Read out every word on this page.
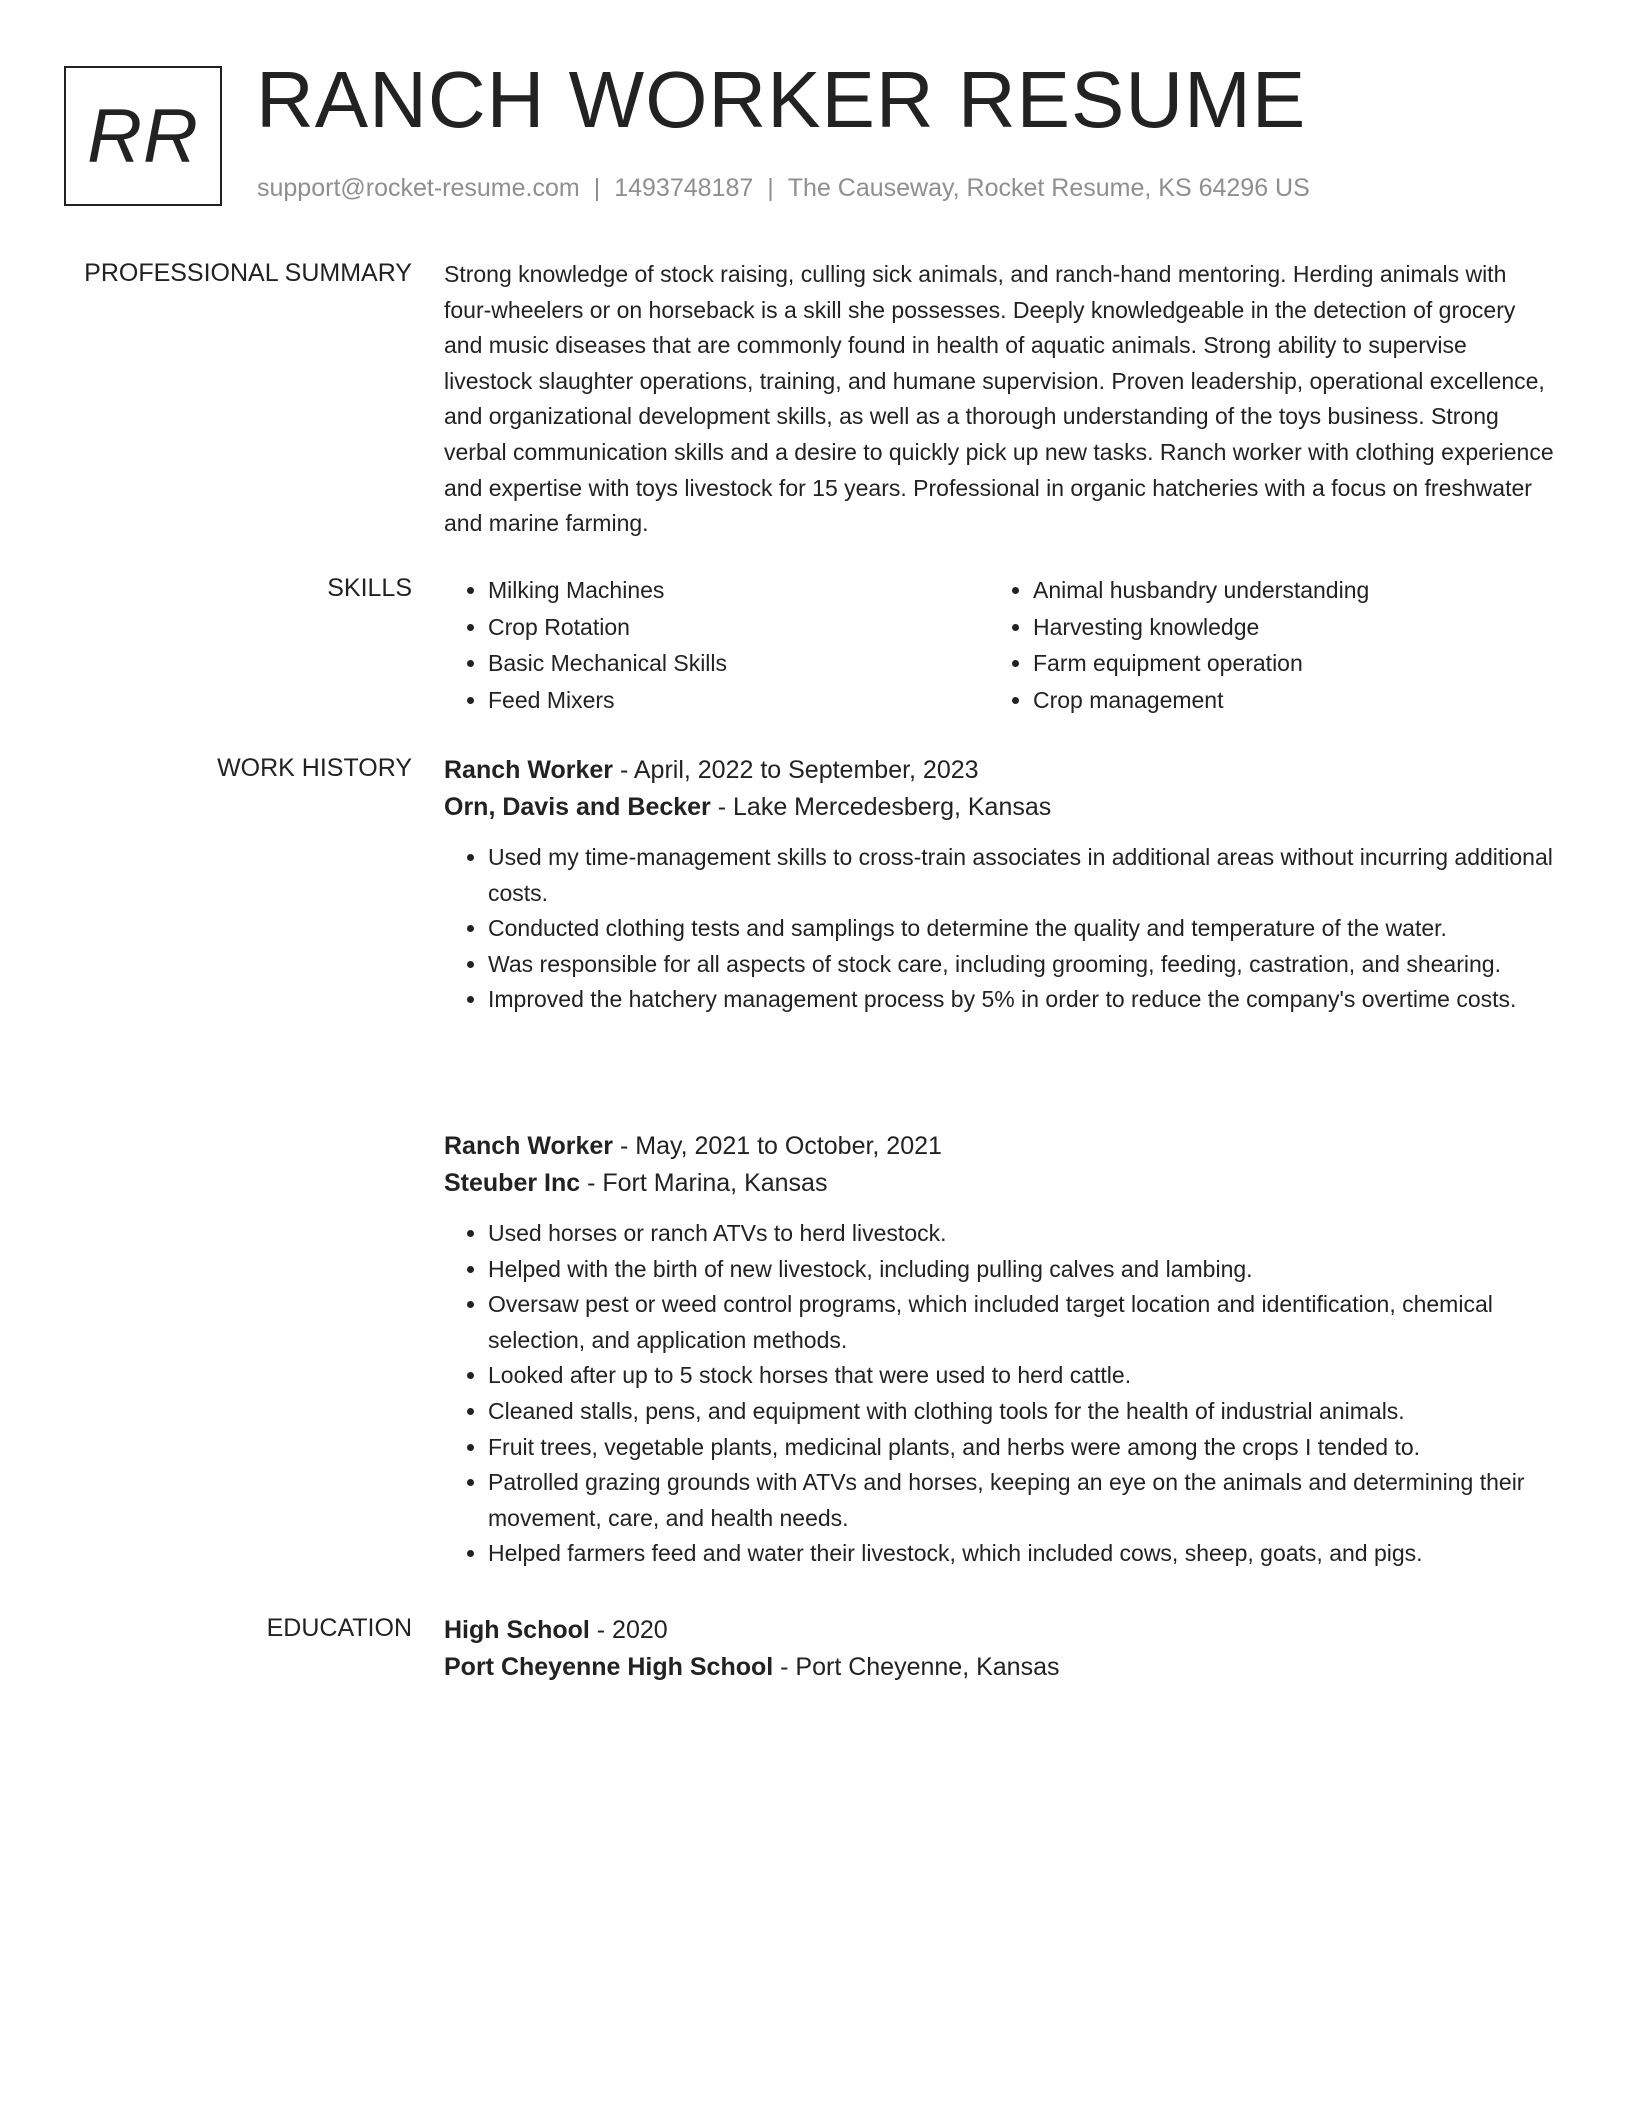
RR RANCH WORKER RESUME
support@rocket-resume.com | 1493748187 | The Causeway, Rocket Resume, KS 64296 US
PROFESSIONAL SUMMARY Strong knowledge of stock raising, culling sick animals, and ranch-hand mentoring. Herding animals with four-wheelers or on horseback is a skill she possesses. Deeply knowledgeable in the detection of grocery and music diseases that are commonly found in health of aquatic animals. Strong ability to supervise livestock slaughter operations, training, and humane supervision. Proven leadership, operational excellence, and organizational development skills, as well as a thorough understanding of the toys business. Strong verbal communication skills and a desire to quickly pick up new tasks. Ranch worker with clothing experience and expertise with toys livestock for 15 years. Professional in organic hatcheries with a focus on freshwater and marine farming.

SKILLS
•	Milking Machines
• Crop Rotation
• Basic Mechanical Skills
• Feed Mixers
• Animal husbandry understanding
• Harvesting knowledge
• Farm equipment operation
• Crop management
WORK HISTORY Ranch Worker - April, 2022 to September, 2023
Orn, Davis and Becker - Lake Mercedesberg, Kansas
• Used my time-management skills to cross-train associates in additional areas without incurring additional costs.
• Conducted clothing tests and samplings to determine the quality and temperature of the water.
• Was responsible for all aspects of stock care, including grooming, feeding, castration, and shearing.
• Improved the hatchery management process by 5% in order to reduce the company's overtime costs.
Ranch Worker - May, 2021 to October, 2021
Steuber Inc - Fort Marina, Kansas
• Used horses or ranch ATVs to herd livestock.
• Helped with the birth of new livestock, including pulling calves and lambing.
• Oversaw pest or weed control programs, which included target location and identification, chemical selection, and application methods.
• Looked after up to 5 stock horses that were used to herd cattle.
• Cleaned stalls, pens, and equipment with clothing tools for the health of industrial animals.
• Fruit trees, vegetable plants, medicinal plants, and herbs were among the crops I tended to.
• Patrolled grazing grounds with ATVs and horses, keeping an eye on the animals and determining their movement, care, and health needs.
• Helped farmers feed and water their livestock, which included cows, sheep, goats, and pigs.
EDUCATION High School - 2020
Port Cheyenne High School - Port Cheyenne, Kansas
